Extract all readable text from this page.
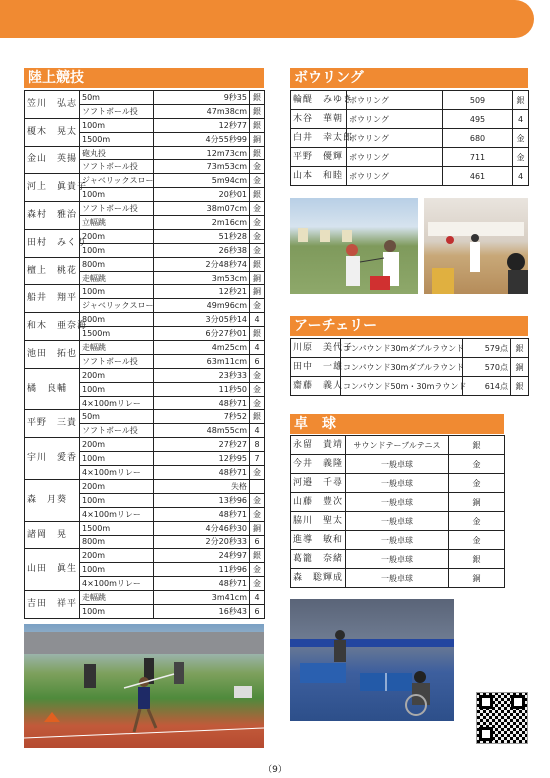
陸上競技
笠川　弘志	50m	9秒35	銀
	ソフトボール投	47m38cm	銀
榎木　晃太	100m	12秒77	銀
	1500m	4分55秒99	銅
金山　英揚	砲丸投	12m73cm	銀
	ソフトボール投	73m53cm	金
河上　眞貴子	ジャベリックスロー	5m94cm	金
	100m	20秒01	銀
森村　雅治	ソフトボール投	38m07cm	金
	立幅跳	2m16cm	金
田村　みくり	200m	51秒28	金
	100m	26秒38	金
檀上　桃花	800m	2分48秒74	銀
	走幅跳	3m53cm	銅
船井　翔平	100m	12秒21	銅
	ジャベリックスロー	49m96cm	金
和木　亜奈海	800m	3分05秒14	4
	1500m	6分27秒01	銀
池田　拓也	走幅跳	4m25cm	4
	ソフトボール投	63m11cm	6
橘　良輔	200m	23秒33	金
	100m	11秒50	金
	4×100mリレー	48秒71	金
平野　三貴	50m	7秒52	銀
	ソフトボール投	48m55cm	4
宇川　愛香	200m	27秒27	8
	100m	12秒95	7
	4×100mリレー	48秒71	金
森　月葵	200m	失格	
	100m	13秒96	金
	4×100mリレー	48秒71	金
諸岡　晃	1500m	4分46秒30	銅
	800m	2分20秒33	6
山田　眞生	200m	24秒97	銀
	100m	11秒96	金
	4×100mリレー	48秒71	金
吉田　祥平	走幅跳	3m41cm	4
	100m	16秒43	6
ボウリング
輪醍　みゆき	ボウリング	509	銀
木谷　華朝	ボウリング	495	4
白井　幸太郎	ボウリング	680	金
平野　優輝	ボウリング	711	金
山本　和睦	ボウリング	461	4
アーチェリー
川原　美代子	コンパウンド30mダブルラウンド	579点	銀
田中　一雄	コンパウンド30mダブルラウンド	570点	銅
齋藤　義人	コンパウンド50m・30mラウンド	614点	銀
卓　球
永留　貴靖	サウンドテーブルテニス	銀
今井　義隆	一般卓球	金
河邉　千尋	一般卓球	金
山藤　豊次	一般卓球	銅
脇川　聖太	一般卓球	金
進導　敏和	一般卓球	金
葛籠　奈緒	一般卓球	銀
森　聡輝成	一般卓球	銅
（9）
